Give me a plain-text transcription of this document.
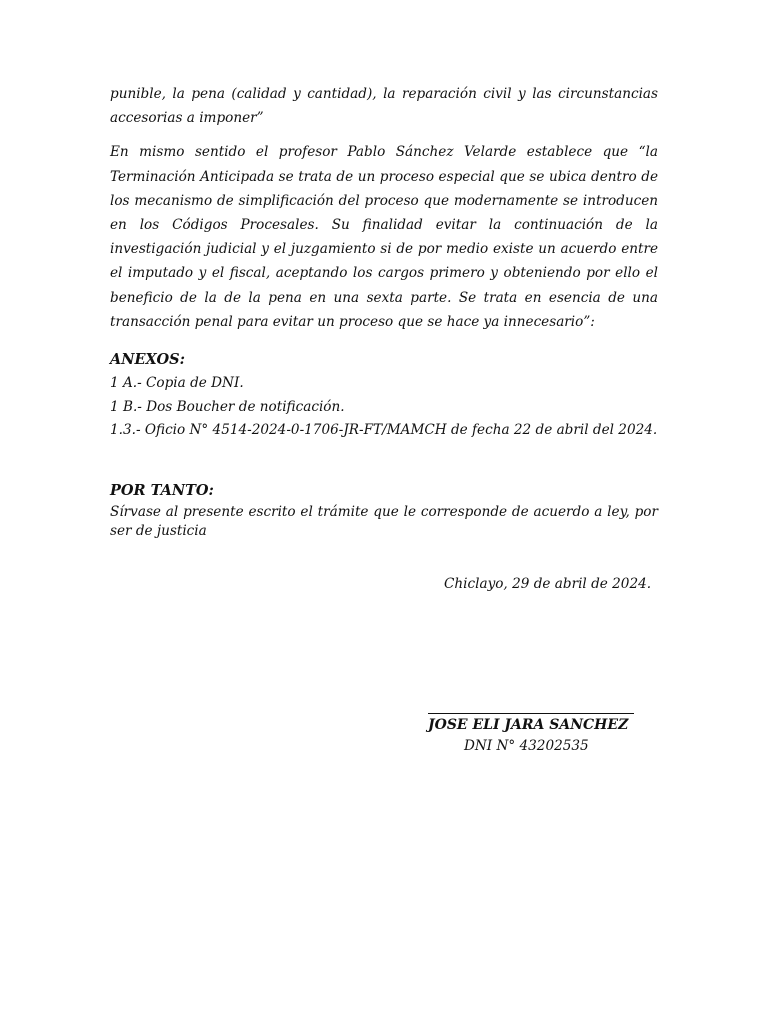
punible, la pena (calidad y cantidad), la reparación civil y las circunstancias accesorias a imponer”

En mismo sentido el profesor Pablo Sánchez Velarde establece que “la Terminación Anticipada se trata de un proceso especial que se ubica dentro de los mecanismo de simplificación del proceso que modernamente se introducen en los Códigos Procesales. Su finalidad evitar la continuación de la investigación judicial y el juzgamiento si de por medio existe un acuerdo entre el imputado y el fiscal, aceptando los cargos primero y obteniendo por ello el beneficio de la de la pena en una sexta parte. Se trata en esencia de una transacción penal para evitar un proceso que se hace ya innecesario”:

ANEXOS:

1 A.- Copia de DNI.
1 B.- Dos Boucher de notificación.
1.3.- Oficio N° 4514-2024-0-1706-JR-FT/MAMCH de fecha 22 de abril del 2024.

POR TANTO:

Sírvase al presente escrito el trámite que le corresponde de acuerdo a ley, por ser de justicia

Chiclayo, 29 de abril de 2024.
JOSE ELI JARA SANCHEZ
DNI N° 43202535
